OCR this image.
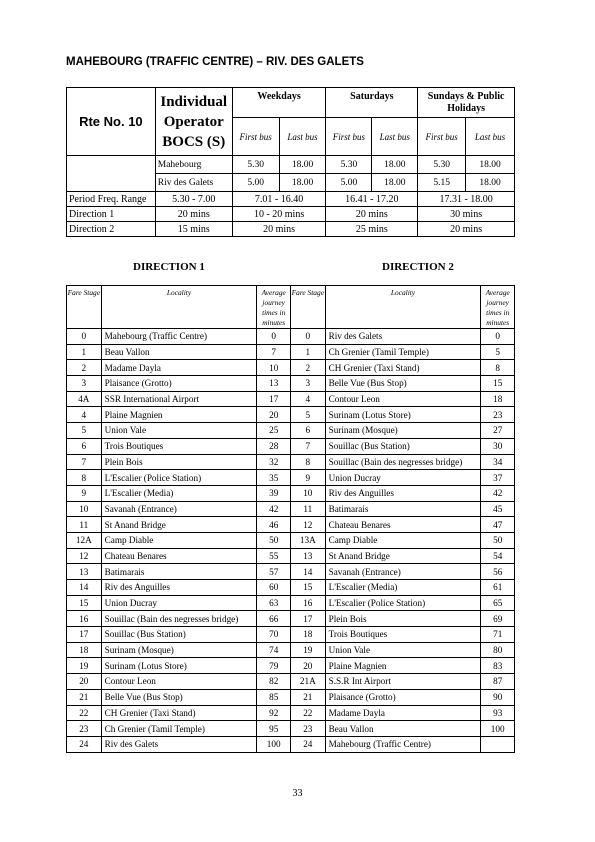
MAHEBOURG (TRAFFIC CENTRE) – RIV. DES GALETS
Rte No. 10	Individual
Operator
BOCS (S)	Weekdays		Saturdays		Sundays & Public Holidays	

		First bus	Last bus	First bus	Last bus	First bus	Last bus
	Mahebourg	5.30	18.00	5.30	18.00	5.30	18.00
	Riv des Galets	5.00	18.00	5.00	18.00	5.15	18.00
Period Freq. Range	5.30 - 7.00	7.01 - 16.40		16.41 - 17.20		17.31 - 18.00	
Direction 1	20 mins	10 - 20 mins		20 mins		30 mins	
Direction 2	15 mins	20 mins		25 mins		20 mins	
DIRECTION 1	DIRECTION 2
Fare Stage	Locality	Average journey times in minutes	Fare Stage	Locality	Average journey times in minutes
0	Mahebourg (Traffic Centre)	0	0	Riv des Galets	0
1	Beau Vallon	7	1	Ch Grenier (Tamil Temple)	5
2	Madame Dayla	10	2	CH Grenier (Taxi Stand)	8
3	Plaisance (Grotto)	13	3	Belle Vue (Bus Stop)	15
4A	SSR International Airport	17	4	Contour Leon	18
4	Plaine Magnien	20	5	Surinam (Lotus Store)	23
5	Union Vale	25	6	Surinam (Mosque)	27
6	Trois Boutiques	28	7	Souillac (Bus Station)	30
7	Plein Bois	32	8	Souillac (Bain des negresses bridge)	34
8	L'Escalier (Police Station)	35	9	Union Ducray	37
9	L'Escalier (Media)	39	10	Riv des Anguilles	42
10	Savanah (Entrance)	42	11	Batimarais	45
11	St Anand Bridge	46	12	Chateau Benares	47
12A	Camp Diable	50	13A	Camp Diable	50
12	Chateau Benares	55	13	St Anand Bridge	54
13	Batimarais	57	14	Savanah (Entrance)	56
14	Riv des Anguilles	60	15	L'Escalier (Media)	61
15	Union Ducray	63	16	L'Escalier (Police Station)	65
16	Souillac (Bain des negresses bridge)	66	17	Plein Bois	69
17	Souillac (Bus Station)	70	18	Trois Boutiques	71
18	Surinam (Mosque)	74	19	Union Vale	80
19	Surinam (Lotus Store)	79	20	Plaine Magnien	83
20	Contour Leon	82	21A	S.S.R Int Airport	87
21	Belle Vue (Bus Stop)	85	21	Plaisance (Grotto)	90
22	CH Grenier (Taxi Stand)	92	22	Madame Dayla	93
23	Ch Grenier (Tamil Temple)	95	23	Beau Vallon	100
24	Riv des Galets	100	24	Mahebourg (Traffic Centre)	
33
